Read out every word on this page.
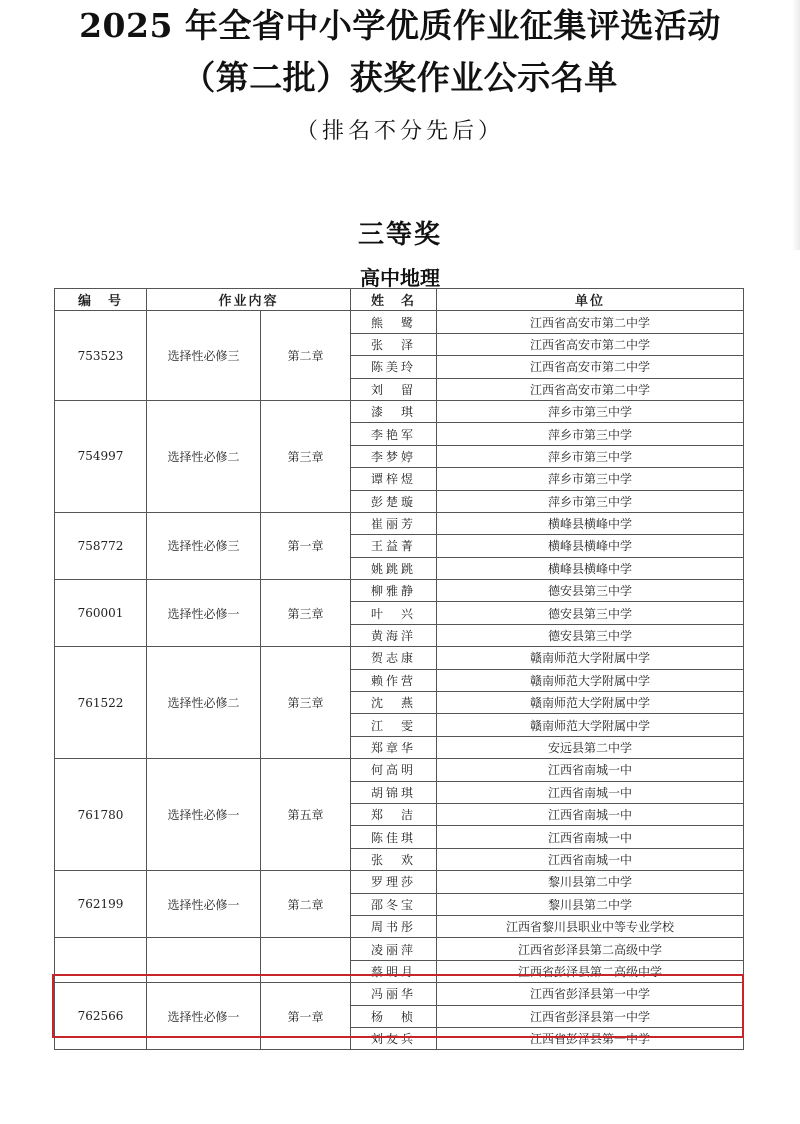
2025 年全省中小学优质作业征集评选活动
（第二批）获奖作业公示名单
（排名不分先后）
三等奖
高中地理
编　号	作业内容		姓　名	单位
753523	选择性必修三	第二章	熊　鹭	江西省高安市第二中学
			张　泽	江西省高安市第二中学
			陈美玲	江西省高安市第二中学
			刘　留	江西省高安市第二中学
754997	选择性必修二	第三章	漆　琪	萍乡市第三中学
			李艳军	萍乡市第三中学
			李梦婷	萍乡市第三中学
			谭梓煜	萍乡市第三中学
			彭楚璇	萍乡市第三中学
758772	选择性必修三	第一章	崔丽芳	横峰县横峰中学
			王益菁	横峰县横峰中学
			姚跳跳	横峰县横峰中学
760001	选择性必修一	第三章	柳雅静	德安县第三中学
			叶　兴	德安县第三中学
			黄海洋	德安县第三中学
761522	选择性必修二	第三章	贺志康	赣南师范大学附属中学
			赖作营	赣南师范大学附属中学
			沈　燕	赣南师范大学附属中学
			江　雯	赣南师范大学附属中学
			郑章华	安远县第二中学
761780	选择性必修一	第五章	何高明	江西省南城一中
			胡锦琪	江西省南城一中
			郑　洁	江西省南城一中
			陈佳琪	江西省南城一中
			张　欢	江西省南城一中
762199	选择性必修一	第二章	罗理莎	黎川县第二中学
			邵冬宝	黎川县第二中学
			周书彤	江西省黎川县职业中等专业学校
			凌丽萍	江西省彭泽县第二高级中学
			蔡明月	江西省彭泽县第二高级中学
762566	选择性必修一	第一章	冯丽华	江西省彭泽县第一中学
			杨　桢	江西省彭泽县第一中学
			刘友兵	江西省彭泽县第一中学
